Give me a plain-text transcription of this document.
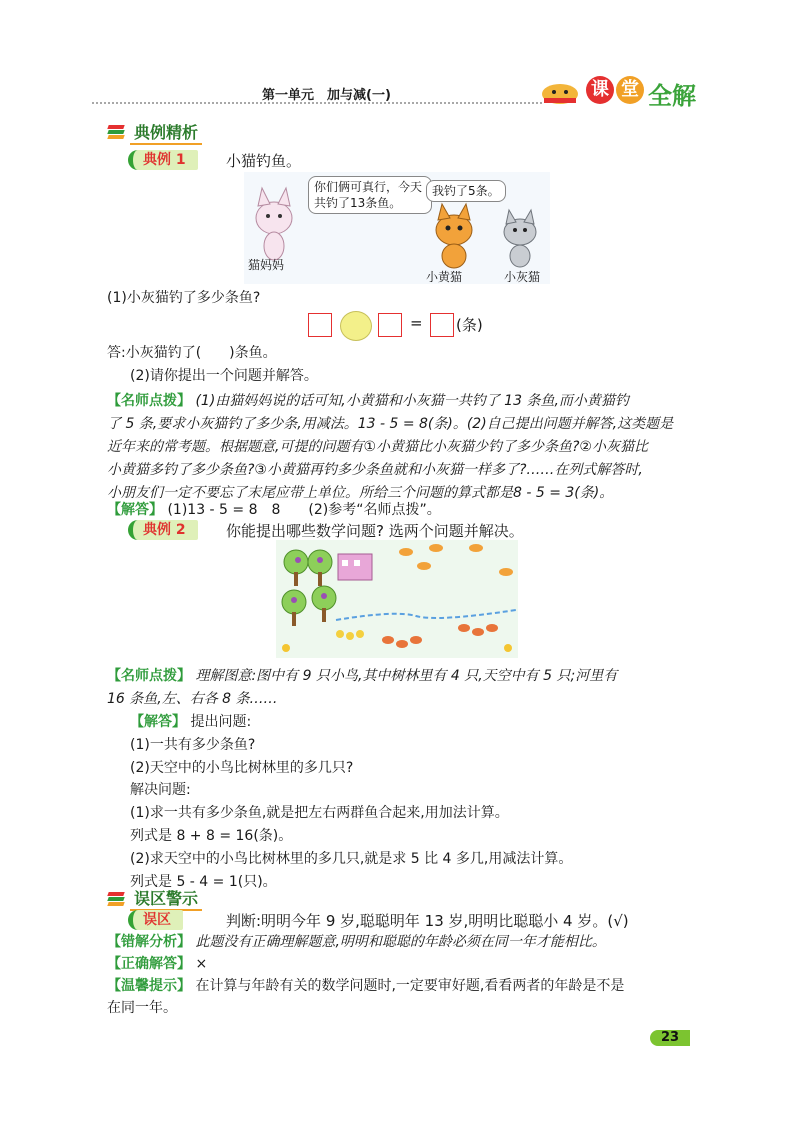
第一单元　加与减(一)	课 堂 全解
典例精析
典例 1	小猫钓鱼。
你们俩可真行，今天共钓了13条鱼。
我钓了5条。
猫妈妈
小黄猫	小灰猫
(1)小灰猫钓了多少条鱼?
= (条)
答:小灰猫钓了(　　)条鱼。
(2)请你提出一个问题并解答。
【名师点拨】 (1)由猫妈妈说的话可知,小黄猫和小灰猫一共钓了 13 条鱼,而小黄猫钓
了 5 条,要求小灰猫钓了多少条,用减法。13 - 5 = 8(条)。(2)自己提出问题并解答,这类题是
近年来的常考题。根据题意,可提的问题有①小黄猫比小灰猫少钓了多少条鱼?②小灰猫比
小黄猫多钓了多少条鱼?③小黄猫再钓多少条鱼就和小灰猫一样多了?……在列式解答时,
小朋友们一定不要忘了末尾应带上单位。所给三个问题的算式都是8 - 5 = 3(条)。
【解答】 (1)13 - 5 = 8　8　　(2)参考“名师点拨”。
典例 2	你能提出哪些数学问题? 选两个问题并解决。
【名师点拨】 理解图意:图中有 9 只小鸟,其中树林里有 4 只,天空中有 5 只;河里有
16 条鱼,左、右各 8 条……
【解答】 提出问题:
(1)一共有多少条鱼?
(2)天空中的小鸟比树林里的多几只?
解决问题:
(1)求一共有多少条鱼,就是把左右两群鱼合起来,用加法计算。
列式是 8 + 8 = 16(条)。
(2)求天空中的小鸟比树林里的多几只,就是求 5 比 4 多几,用减法计算。
列式是 5 - 4 = 1(只)。
误区警示
误区	判断:明明今年 9 岁,聪聪明年 13 岁,明明比聪聪小 4 岁。(√)
【错解分析】 此题没有正确理解题意,明明和聪聪的年龄必须在同一年才能相比。
【正确解答】 ×
【温馨提示】 在计算与年龄有关的数学问题时,一定要审好题,看看两者的年龄是不是
在同一年。
23
